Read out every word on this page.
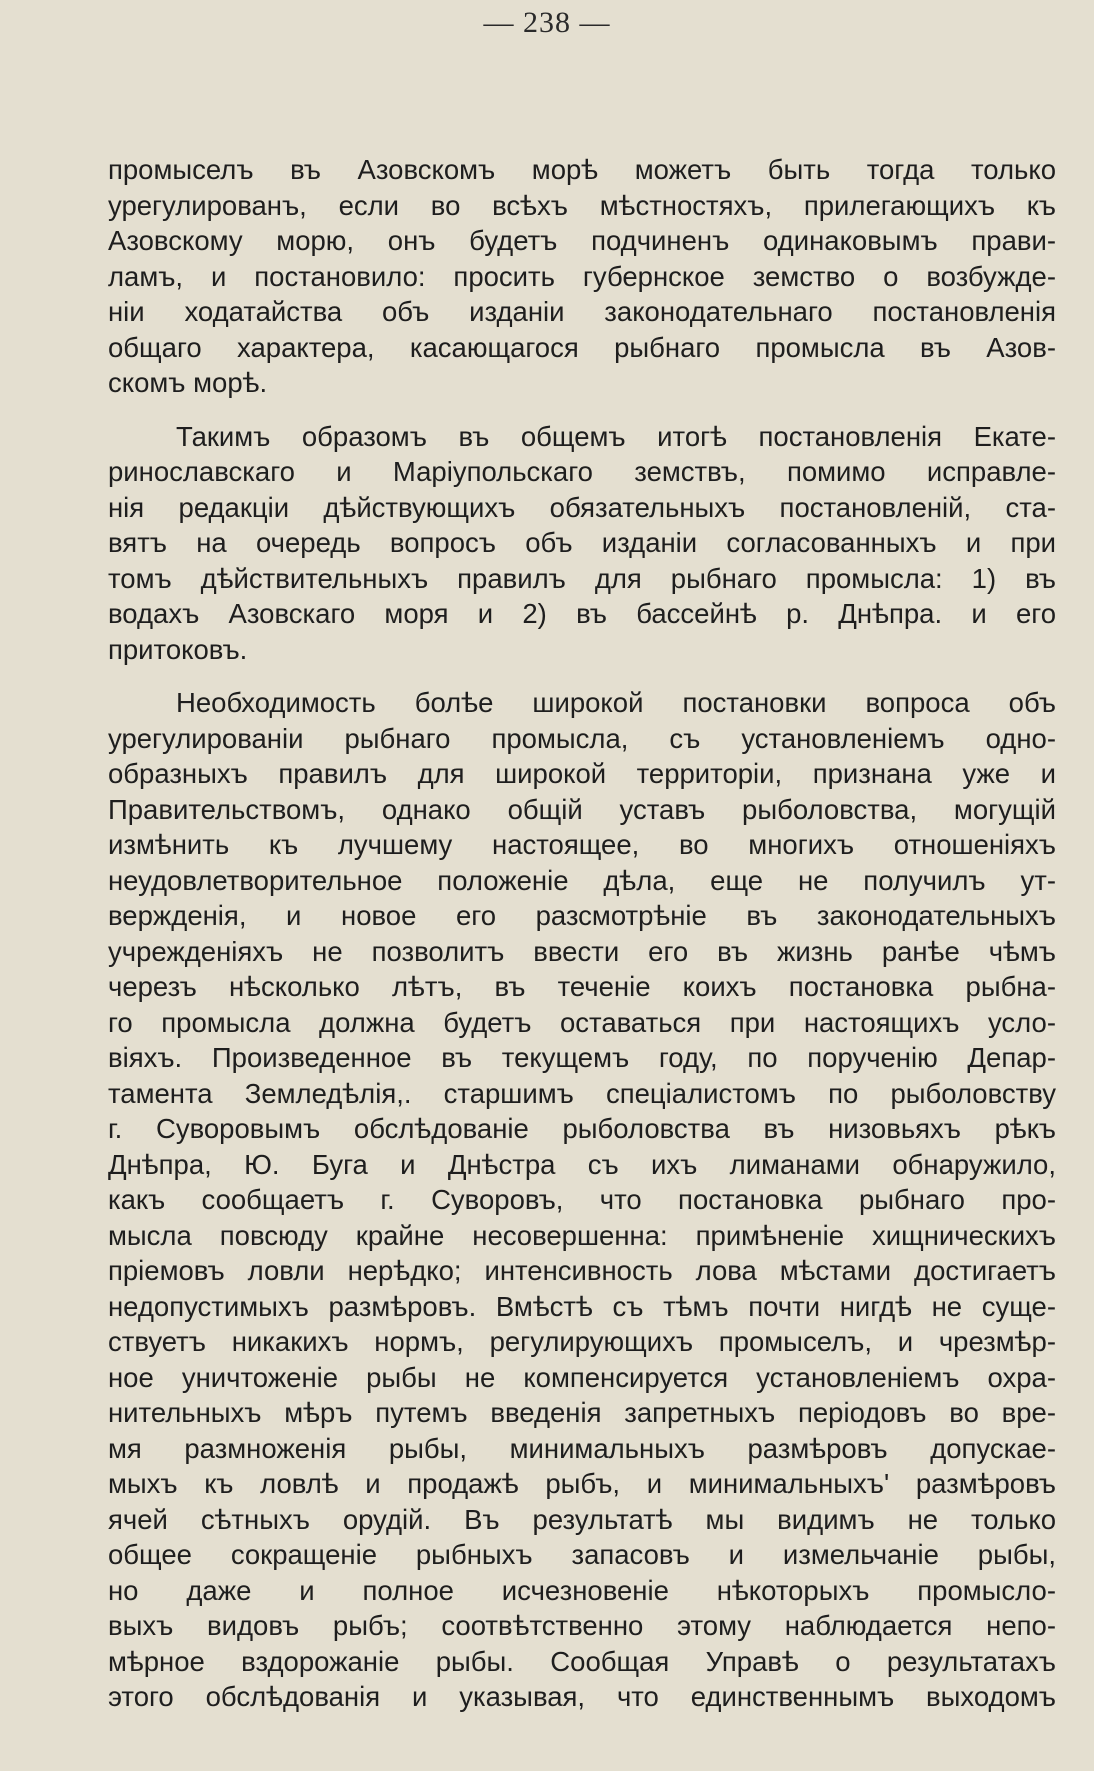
— 238 —
промыселъ въ Азовскомъ морѣ можетъ быть тогда только
урегулированъ, если во всѣхъ мѣстностяхъ, прилегающихъ къ
Азовскому морю, онъ будетъ подчиненъ одинаковымъ прави-
ламъ, и постановило: просить губернское земство о возбужде-
нiи ходатайства объ изданiи законодательнаго постановленія
общаго характера, касающагося рыбнаго промысла въ Азов-
скомъ морѣ.
Такимъ образомъ въ общемъ итогѣ постановленія Екате-
ринославскаго и Марiупольскаго земствъ, помимо исправле-
нія редакціи дѣйствующихъ обязательныхъ постановленій, ста-
вятъ на очередь вопросъ объ изданiи согласованныхъ и при
томъ дѣйствительныхъ правилъ для рыбнаго промысла: 1) въ
водахъ Азовскаго моря и 2) въ бассейнѣ р. Днѣпра. и его
притоковъ.
Необходимость болѣе широкой постановки вопроса объ
урегулированiи рыбнаго промысла, съ установленіемъ одно-
образныхъ правилъ для широкой территоріи, признана уже и
Правительствомъ, однако общій уставъ рыболовства, могущій
измѣнить къ лучшему настоящее, во многихъ отношеніяхъ
неудовлетворительное положеніе дѣла, еще не получилъ ут-
вержденія, и новое его разсмотрѣніе въ законодательныхъ
учрежденiяхъ не позволитъ ввести его въ жизнь ранѣе чѣмъ
черезъ нѣсколько лѣтъ, въ теченіе коихъ постановка рыбна-
го промысла должна будетъ оставаться при настоящихъ усло-
віяхъ. Произведенное въ текущемъ году, по порученію Депар-
тамента Земледѣлія,. старшимъ спеціалистомъ по рыболовству
г. Суворовымъ обслѣдованіе рыболовства въ низовьяхъ рѣкъ
Днѣпра, Ю. Буга и Днѣстра съ ихъ лиманами обнаружило,
какъ сообщаетъ г. Суворовъ, что постановка рыбнаго про-
мысла повсюду крайне несовершенна: примѣненіе хищническихъ
пріемовъ ловли нерѣдко; интенсивность лова мѣстами достигаетъ
недопустимыхъ размѣровъ. Вмѣстѣ съ тѣмъ почти нигдѣ не суще-
ствуетъ никакихъ нормъ, регулирующихъ промыселъ, и чрезмѣр-
ное уничтоженіе рыбы не компенсируется установленіемъ охра-
нительныхъ мѣръ путемъ введенія запретныхъ періодовъ во вре-
мя размноженія рыбы, минимальныхъ размѣровъ допускае-
мыхъ къ ловлѣ и продажѣ рыбъ, и минимальныхъ' размѣровъ
ячей сѣтныхъ орудій. Въ результатѣ мы видимъ не только
общее сокращеніе рыбныхъ запасовъ и измельчаніе рыбы,
но даже и полное исчезновеніе нѣкоторыхъ промысло-
выхъ видовъ рыбъ; соотвѣтственно этому наблюдается непо-
мѣрное вздорожаніе рыбы. Сообщая Управѣ о результатахъ
этого обслѣдованія и указывая, что единственнымъ выходомъ
